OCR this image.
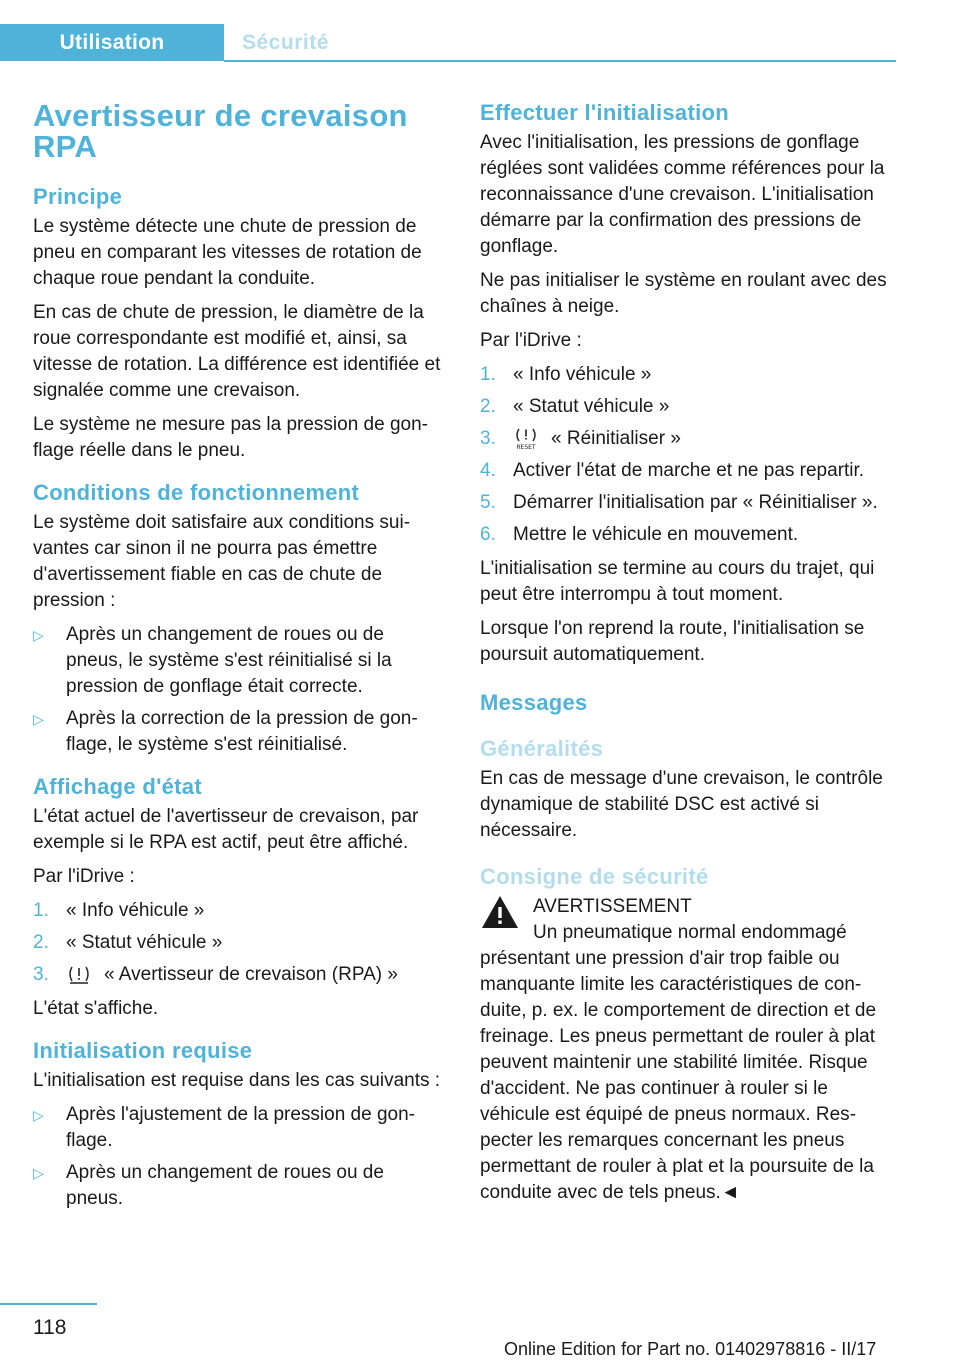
Utilisation	Sécurité
Avertisseur de crevaison RPA
Principe

Le système détecte une chute de pression de pneu en comparant les vitesses de rotation de chaque roue pendant la conduite.

En cas de chute de pression, le diamètre de la roue correspondante est modifié et, ainsi, sa vitesse de rotation. La différence est identifiée et signalée comme une crevaison.

Le système ne mesure pas la pression de gonflage réelle dans le pneu.

Conditions de fonctionnement

Le système doit satisfaire aux conditions suivantes car sinon il ne pourra pas émettre d'avertissement fiable en cas de chute de pression :

▷ Après un changement de roues ou de pneus, le système s'est réinitialisé si la pression de gonflage était correcte.
▷ Après la correction de la pression de gonflage, le système s'est réinitialisé.
Affichage d'état

L'état actuel de l'avertisseur de crevaison, par exemple si le RPA est actif, peut être affiché.

Par l'iDrive :

1. « Info véhicule »
2. « Statut véhicule »
3.	« Avertisseur de crevaison (RPA) »

L'état s'affiche.

Initialisation requise

L'initialisation est requise dans les cas suivants :

▷ Après l'ajustement de la pression de gonflage.
▷ Après un changement de roues ou de pneus.
Effectuer l'initialisation

Avec l'initialisation, les pressions de gonflage réglées sont validées comme références pour la reconnaissance d'une crevaison. L'initialisation démarre par la confirmation des pressions de gonflage.

Ne pas initialiser le système en roulant avec des chaînes à neige.

Par l'iDrive :

1. « Info véhicule »
2. « Statut véhicule »
3.	RESET « Réinitialiser »
4. Activer l'état de marche et ne pas repartir.
5. Démarrer l'initialisation par « Réinitialiser ».
6. Mettre le véhicule en mouvement.

L'initialisation se termine au cours du trajet, qui peut être interrompu à tout moment.

Lorsque l'on reprend la route, l'initialisation se poursuit automatiquement.

Messages
Généralités

En cas de message d'une crevaison, le contrôle dynamique de stabilité DSC est activé si nécessaire.

Consigne de sécurité
AVERTISSEMENT
Un pneumatique normal endommagé
présentant une pression d'air trop faible ou manquante limite les caractéristiques de conduite, p. ex. le comportement de direction et de freinage. Les pneus permettant de rouler à plat peuvent maintenir une stabilité limitée. Risque d'accident. Ne pas continuer à rouler si le véhicule est équipé de pneus normaux. Respecter les remarques concernant les pneus permettant de rouler à plat et la poursuite de la conduite avec de tels pneus.◄
118
Online Edition for Part no. 01402978816 - II/17
